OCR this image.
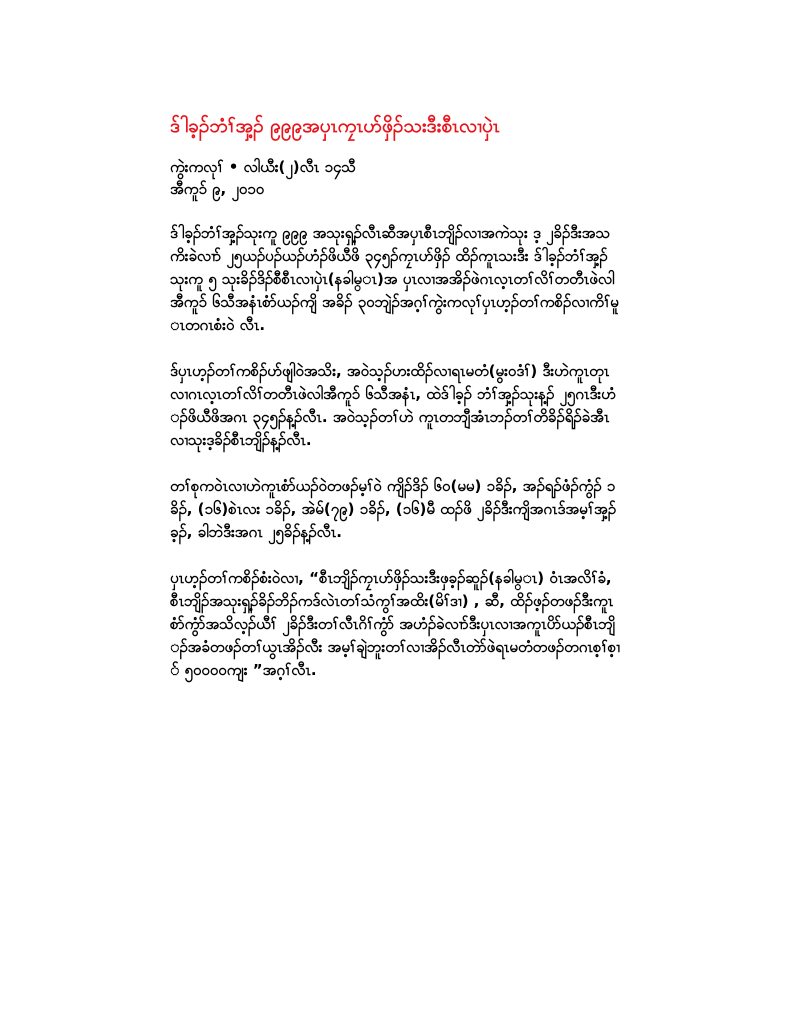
ဒ်ါခ့ၣ်ဘံၢ်အှ့ၣ် ၉၉၉အပှၤကၠၤဟ်ဖှိၣ်သးဒီးစီၤလၢပှဲၤ
ကွဲးကလုၢ် • လါယီး(၂)လီၤ ၁၄သီ
အီကူၥ် ၉, ၂၀၁၀

ဒ်ါခ့ၣ်ဘံၢ်အှ့ၣ်သုးကူ ၉၉၉ အသုးရှ့ၣ်လီၤဆီအပှၤစီၤဘျိၣ်လၢအကဲသုး ဒ့ ၂ခိၣ်ဒီးအသကိးခဲလၢာ် ၂၅ယၣ်ပၣ်ယၣ်ဟံၣ်ဖိယီဖိ ၃၄၅ၣ်ကၠၤဟ်ဖှိၣ် ထိၣ်ကူၤသးဒီး ဒ်ါခ့ၣ်ဘံၢ်အှ့ၣ်သုးကူ ၅ သုးခိၣ်ဒိၣ်စီစီၤလၢပှဲၤ(နခါမ္ၤ)အ ပှၤလၢအအိၣ်ဖဲဂၤလ့ၤတၢ်လိၢ်တတီၤဖဲလါအီကူၥ် ၆သီအနံၤစံာ်ယၣ်ကျိ အခိၣ် ၃၀ဘျဲၣ်အဂ့ၢ်ကွဲးကလုၢ်ပှၤဟ့ၣ်တၢ်ကစိၣ်လၢကိၢ်မူၤတဂၤစံးဝဲ လီၤ.

ဒ်ပှၤဟ့ၣ်တၢ်ကစိၣ်ဟ်ဖျါဝဲအသိး, အဝဲသ့ၣ်ဟးထိၣ်လၢရၤမတံ(မွးဝဒံၢ်) ဒီးဟဲကူၤတုၤလၢဂၤလ့ၤတၢ်လိၢ်တတီၤဖဲလါအီကူၥ် ၆သီအနံၤ, ထဲဒ်ါခ့ၣ် ဘံၢ်အှ့ၣ်သုးန့ၣ် ၂၅ဂၤဒီးဟံၣ်ဖိယီဖိအဂၤ ၃၄၅ၣ်န့ၣ်လီၤ. အဝဲသ့ၣ်တၢ်ဟဲ ကူၤတဘျီအံၤဘၣ်တၢ်တိခိၣ်ရိၣ်ခဲအီၤလၢသုးဒ့ခိၣ်စီၤဘျိၣ်န့ၣ်လီၤ.

တၢ်စုကဝဲၤလၢဟဲကူၤစံာ်ယၣ်ဝဲတဖၣ်မ့ၢ်ဝဲ ကျိၣ်ဒိၣ် ၆၀(မမ) ၁ခိၣ်, အၣ်ရၣ်ဖံၣ်ကွံၣ် ၁ခိၣ်, (၁၆)စဲၤလး ၁ခိၣ်, အဲမ်(၇၉) ၁ခိၣ်, (၁၆)မီ ထၣ်ဖိ ၂ခိၣ်ဒီးကျိအဂၤဒ်အမ့ၢ်အှ့ၣ်ခ့ၣ်, ခါဘဲဒီးအဂၤ ၂၅ခိၣ်န့ၣ်လီၤ.

ပှၤဟ့ၣ်တၢ်ကစိၣ်စံးဝဲလၢ, “စီၤဘျိၣ်ကၠၤဟ်ဖှိၣ်သးဒီးဖှခ့ၣ်ဆူၣ်(နခါမ္ၤ) ဝံၤအလိၢ်ခံ, စီၤဘျိၣ်အသုးရှ့ၣ်ခိၣ်ဘိၣ်ကဒ်လဲၤတၢ်သံကွၢ်အထိး(မိၢ်ဒၢ) , ဆီ, ထိၣ်ဖ့ၣ်တဖၣ်ဒီးကူၤစံာ်ကွံာ်အသိလ့ၣ်ယီၢ် ၂ခိၣ်ဒီးတၢ်လီၤဂိၢ်ကွံာ် အဟံၣ်ခဲလၢာ်ဒီးပှၤလၢအကူၤပိာ်ယၣ်စီၤဘျိၣ်အခံတဖၣ်တၢ်ယွၤအိၣ်လီး အမ့ၢ်ချဲဘူးတၢ်လၢအိၣ်လီၤတဲာ်ဖဲရၤမတံတဖၣ်တဂၤစ့ၢ်စ့ၢ် ၅၀၀၀၀ကျး ”အဂ့ၢ်လီၤ.
